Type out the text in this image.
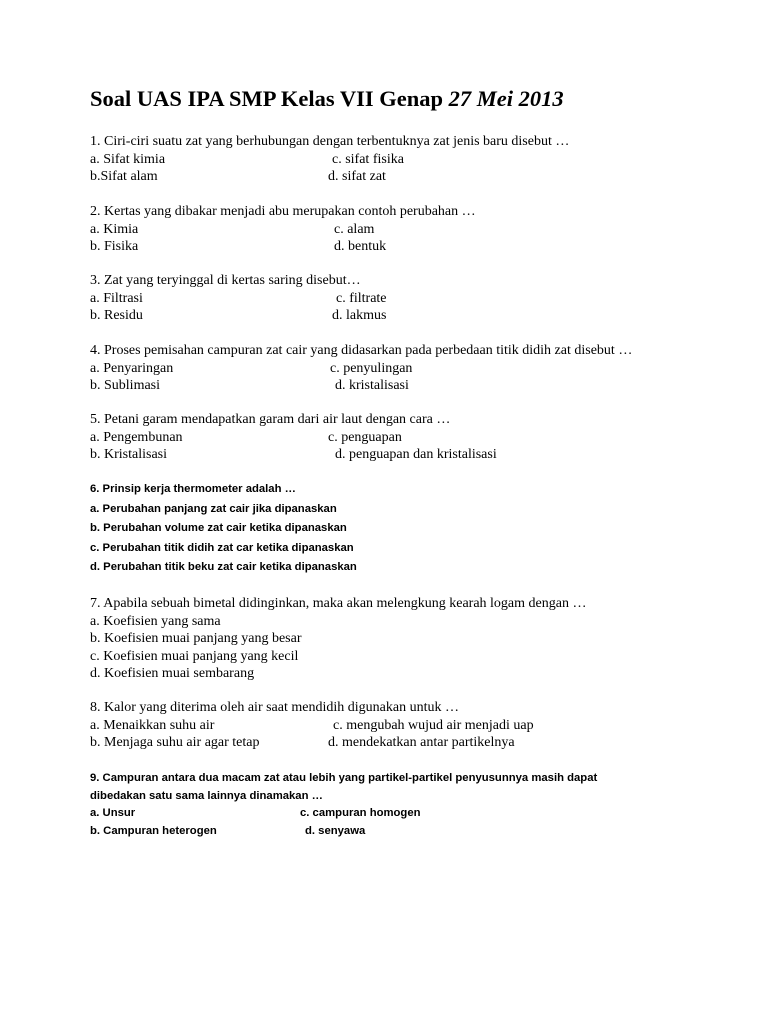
Soal UAS IPA SMP Kelas VII Genap 27 Mei 2013
1. Ciri-ciri suatu zat yang berhubungan dengan terbentuknya zat jenis baru disebut …
a. Sifat kimia	c. sifat fisika
b.Sifat alam	d. sifat zat
2. Kertas yang dibakar menjadi abu merupakan contoh perubahan …
a. Kimia	c. alam
b. Fisika	d. bentuk
3. Zat yang teryinggal di kertas saring disebut…
a. Filtrasi	c. filtrate
b. Residu	d. lakmus
4. Proses pemisahan campuran zat cair yang didasarkan pada perbedaan titik didih zat disebut …
a. Penyaringan	c. penyulingan
b. Sublimasi	d. kristalisasi
5. Petani garam mendapatkan garam dari air laut dengan cara …
a. Pengembunan	c. penguapan
b. Kristalisasi	d. penguapan dan kristalisasi
6. Prinsip kerja thermometer adalah …
a. Perubahan panjang zat cair jika dipanaskan
b. Perubahan volume zat cair ketika dipanaskan
c. Perubahan titik didih zat car ketika dipanaskan
d. Perubahan titik beku zat cair ketika dipanaskan
7. Apabila sebuah bimetal didinginkan, maka akan melengkung kearah logam dengan …
a. Koefisien yang sama
b. Koefisien muai panjang yang besar
c. Koefisien muai panjang yang kecil
d. Koefisien muai sembarang
8. Kalor yang diterima oleh air saat mendidih digunakan untuk …
a. Menaikkan suhu air	c. mengubah wujud air menjadi uap
b. Menjaga suhu air agar tetap	d. mendekatkan antar partikelnya
9. Campuran antara dua macam zat atau lebih yang partikel-partikel penyusunnya masih dapat
dibedakan satu sama lainnya dinamakan …
a. Unsur	c. campuran homogen
b. Campuran heterogen	d. senyawa
